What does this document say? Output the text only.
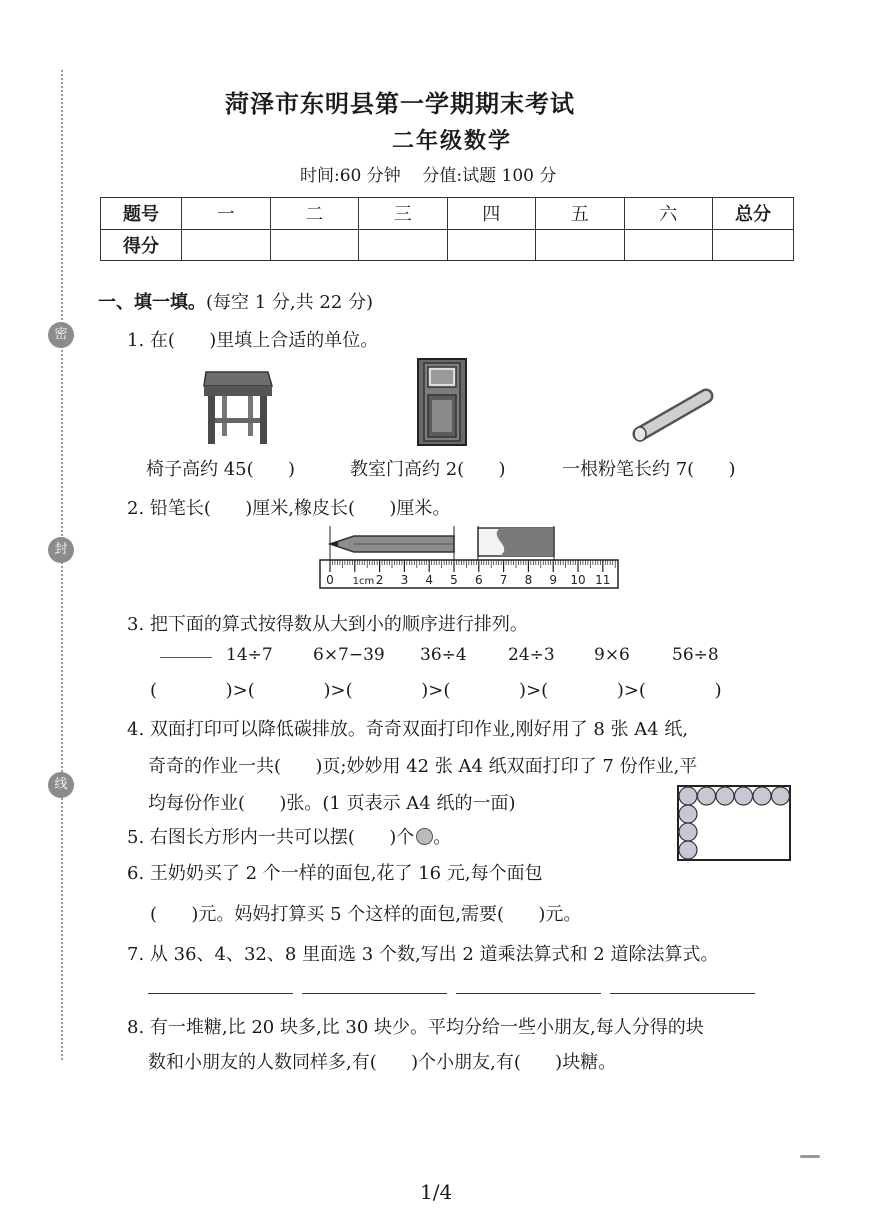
密
封
线
菏泽市东明县第一学期期末考试
二年级数学
时间:60 分钟    分值:试题 100 分
题号	一	二	三	四	五	六	总分
得分							
一、填一填。(每空 1 分,共 22 分)
1. 在(      )里填上合适的单位。
椅子高约 45(      )	教室门高约 2(      )	一根粉笔长约 7(      )
2. 铅笔长(      )厘米,橡皮长(      )厘米。
0 1cm 2 3 4 5 6 7 8 9 10 11
3. 把下面的算式按得数从大到小的顺序进行排列。
14÷7 6×7−39 36÷4 24÷3 9×6 56÷8
(            )>(            )>(            )>(            )>(            )>(            )
4. 双面打印可以降低碳排放。奇奇双面打印作业,刚好用了 8 张 A4 纸,
奇奇的作业一共(      )页;妙妙用 42 张 A4 纸双面打印了 7 份作业,平
均每份作业(      )张。(1 页表示 A4 纸的一面)
5. 右图长方形内一共可以摆(      )个 。
6. 王奶奶买了 2 个一样的面包,花了 16 元,每个面包
(      )元。妈妈打算买 5 个这样的面包,需要(      )元。
7. 从 36、4、32、8 里面选 3 个数,写出 2 道乘法算式和 2 道除法算式。
8. 有一堆糖,比 20 块多,比 30 块少。平均分给一些小朋友,每人分得的块
数和小朋友的人数同样多,有(      )个小朋友,有(      )块糖。
1/4
